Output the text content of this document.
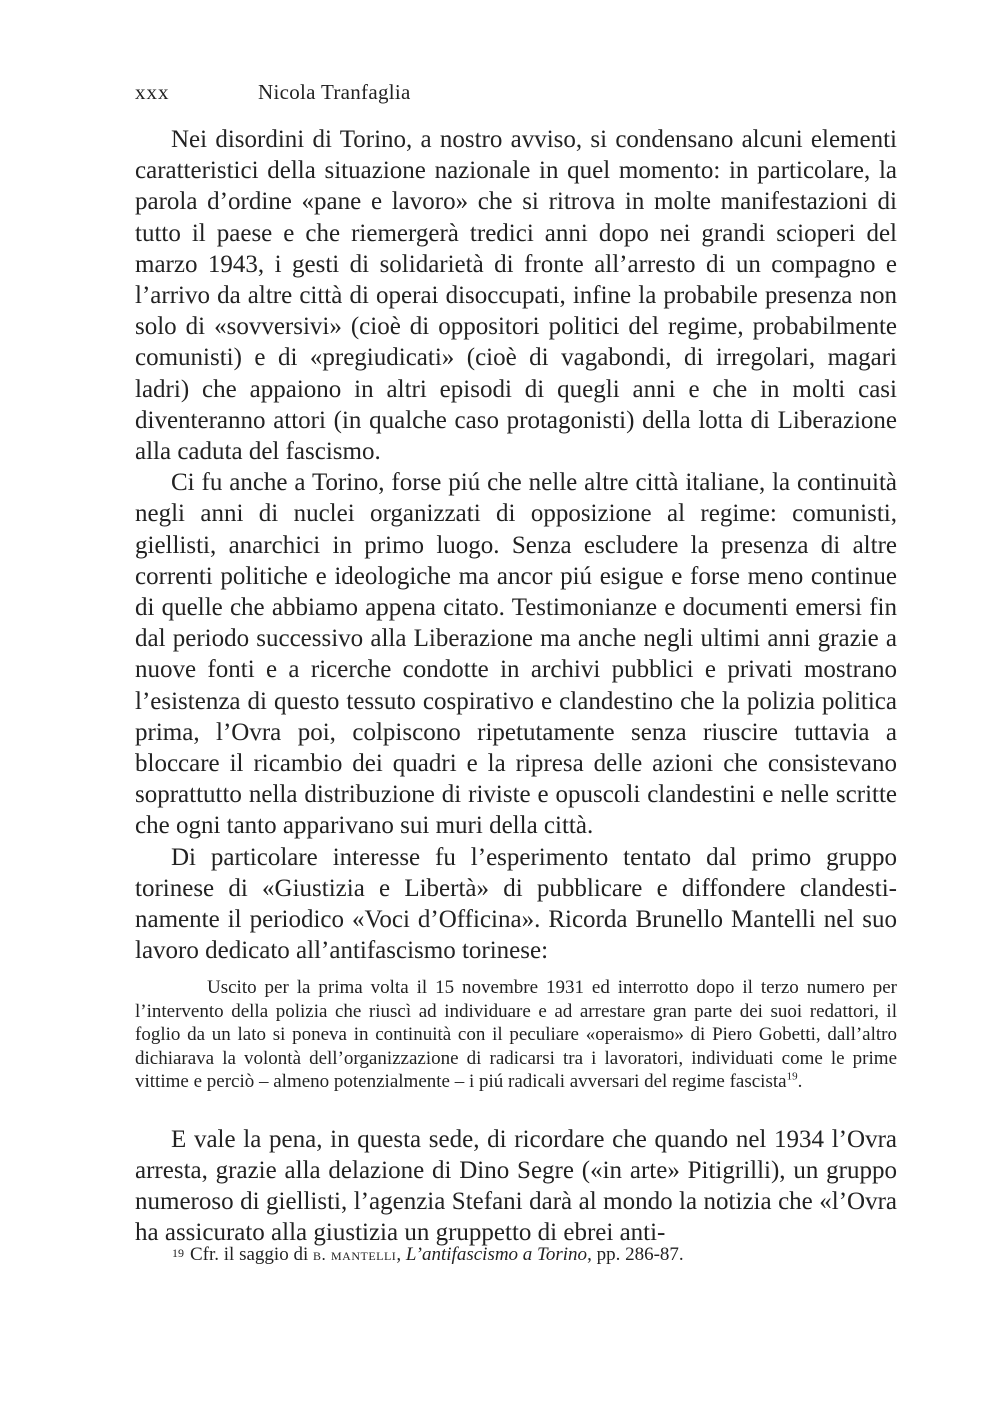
xxx	Nicola Tranfaglia

Nei disordini di Torino, a nostro avviso, si condensano alcuni elementi caratteristici della situazione nazionale in quel momento: in particolare, la parola d’ordine «pane e lavoro» che si ritrova in molte manifestazioni di tutto il paese e che riemergerà tredici anni dopo nei grandi scioperi del marzo 1943, i gesti di solidarietà di fronte all’arresto di un compagno e l’arrivo da altre città di operai disoccupati, infine la probabile presenza non solo di «sovversivi» (cioè di oppositori politici del regime, probabilmente comunisti) e di «pregiudicati» (cioè di vagabondi, di irregolari, magari ladri) che appaiono in altri episodi di quegli anni e che in molti casi diventeranno attori (in qualche caso protagonisti) della lotta di Liberazione alla caduta del fascismo.

Ci fu anche a Torino, forse piú che nelle altre città italiane, la continuità negli anni di nuclei organizzati di opposizione al regime: comunisti, giellisti, anarchici in primo luogo. Senza escludere la presenza di altre correnti politiche e ideologiche ma ancor piú esigue e forse meno continue di quelle che abbiamo appena citato. Testimonianze e documenti emersi fin dal periodo successivo alla Liberazione ma anche negli ultimi anni grazie a nuove fonti e a ricerche condotte in archivi pubblici e privati mostrano l’esistenza di questo tessuto cospirativo e clandestino che la polizia politica prima, l’Ovra poi, colpiscono ripetutamente senza riuscire tuttavia a bloccare il ricambio dei quadri e la ripresa delle azioni che consistevano soprattutto nella distribuzione di riviste e opuscoli clandestini e nelle scritte che ogni tanto apparivano sui muri della città.

Di particolare interesse fu l’esperimento tentato dal primo gruppo torinese di «Giustizia e Libertà» di pubblicare e diffondere clandestinamente il periodico «Voci d’Officina». Ricorda Brunello Mantelli nel suo lavoro dedicato all’antifascismo torinese:

Uscito per la prima volta il 15 novembre 1931 ed interrotto dopo il terzo numero per l’intervento della polizia che riuscì ad individuare e ad arrestare gran parte dei suoi redattori, il foglio da un lato si poneva in continuità con il peculiare «operaismo» di Piero Gobetti, dall’altro dichiarava la volontà dell’organizzazione di radicarsi tra i lavoratori, individuati come le prime vittime e perciò – almeno potenzialmente – i piú radicali avversari del regime fascista$^{19}$.

E vale la pena, in questa sede, di ricordare che quando nel 1934 l’Ovra arresta, grazie alla delazione di Dino Segre («in arte» Pitigrilli), un gruppo numeroso di giellisti, l’agenzia Stefani darà al mondo la notizia che «l’Ovra ha assicurato alla giustizia un gruppetto di ebrei anti-

$^{19}$ Cfr. il saggio di b. mantelli, L’antifascismo a Torino, pp. 286-87.
